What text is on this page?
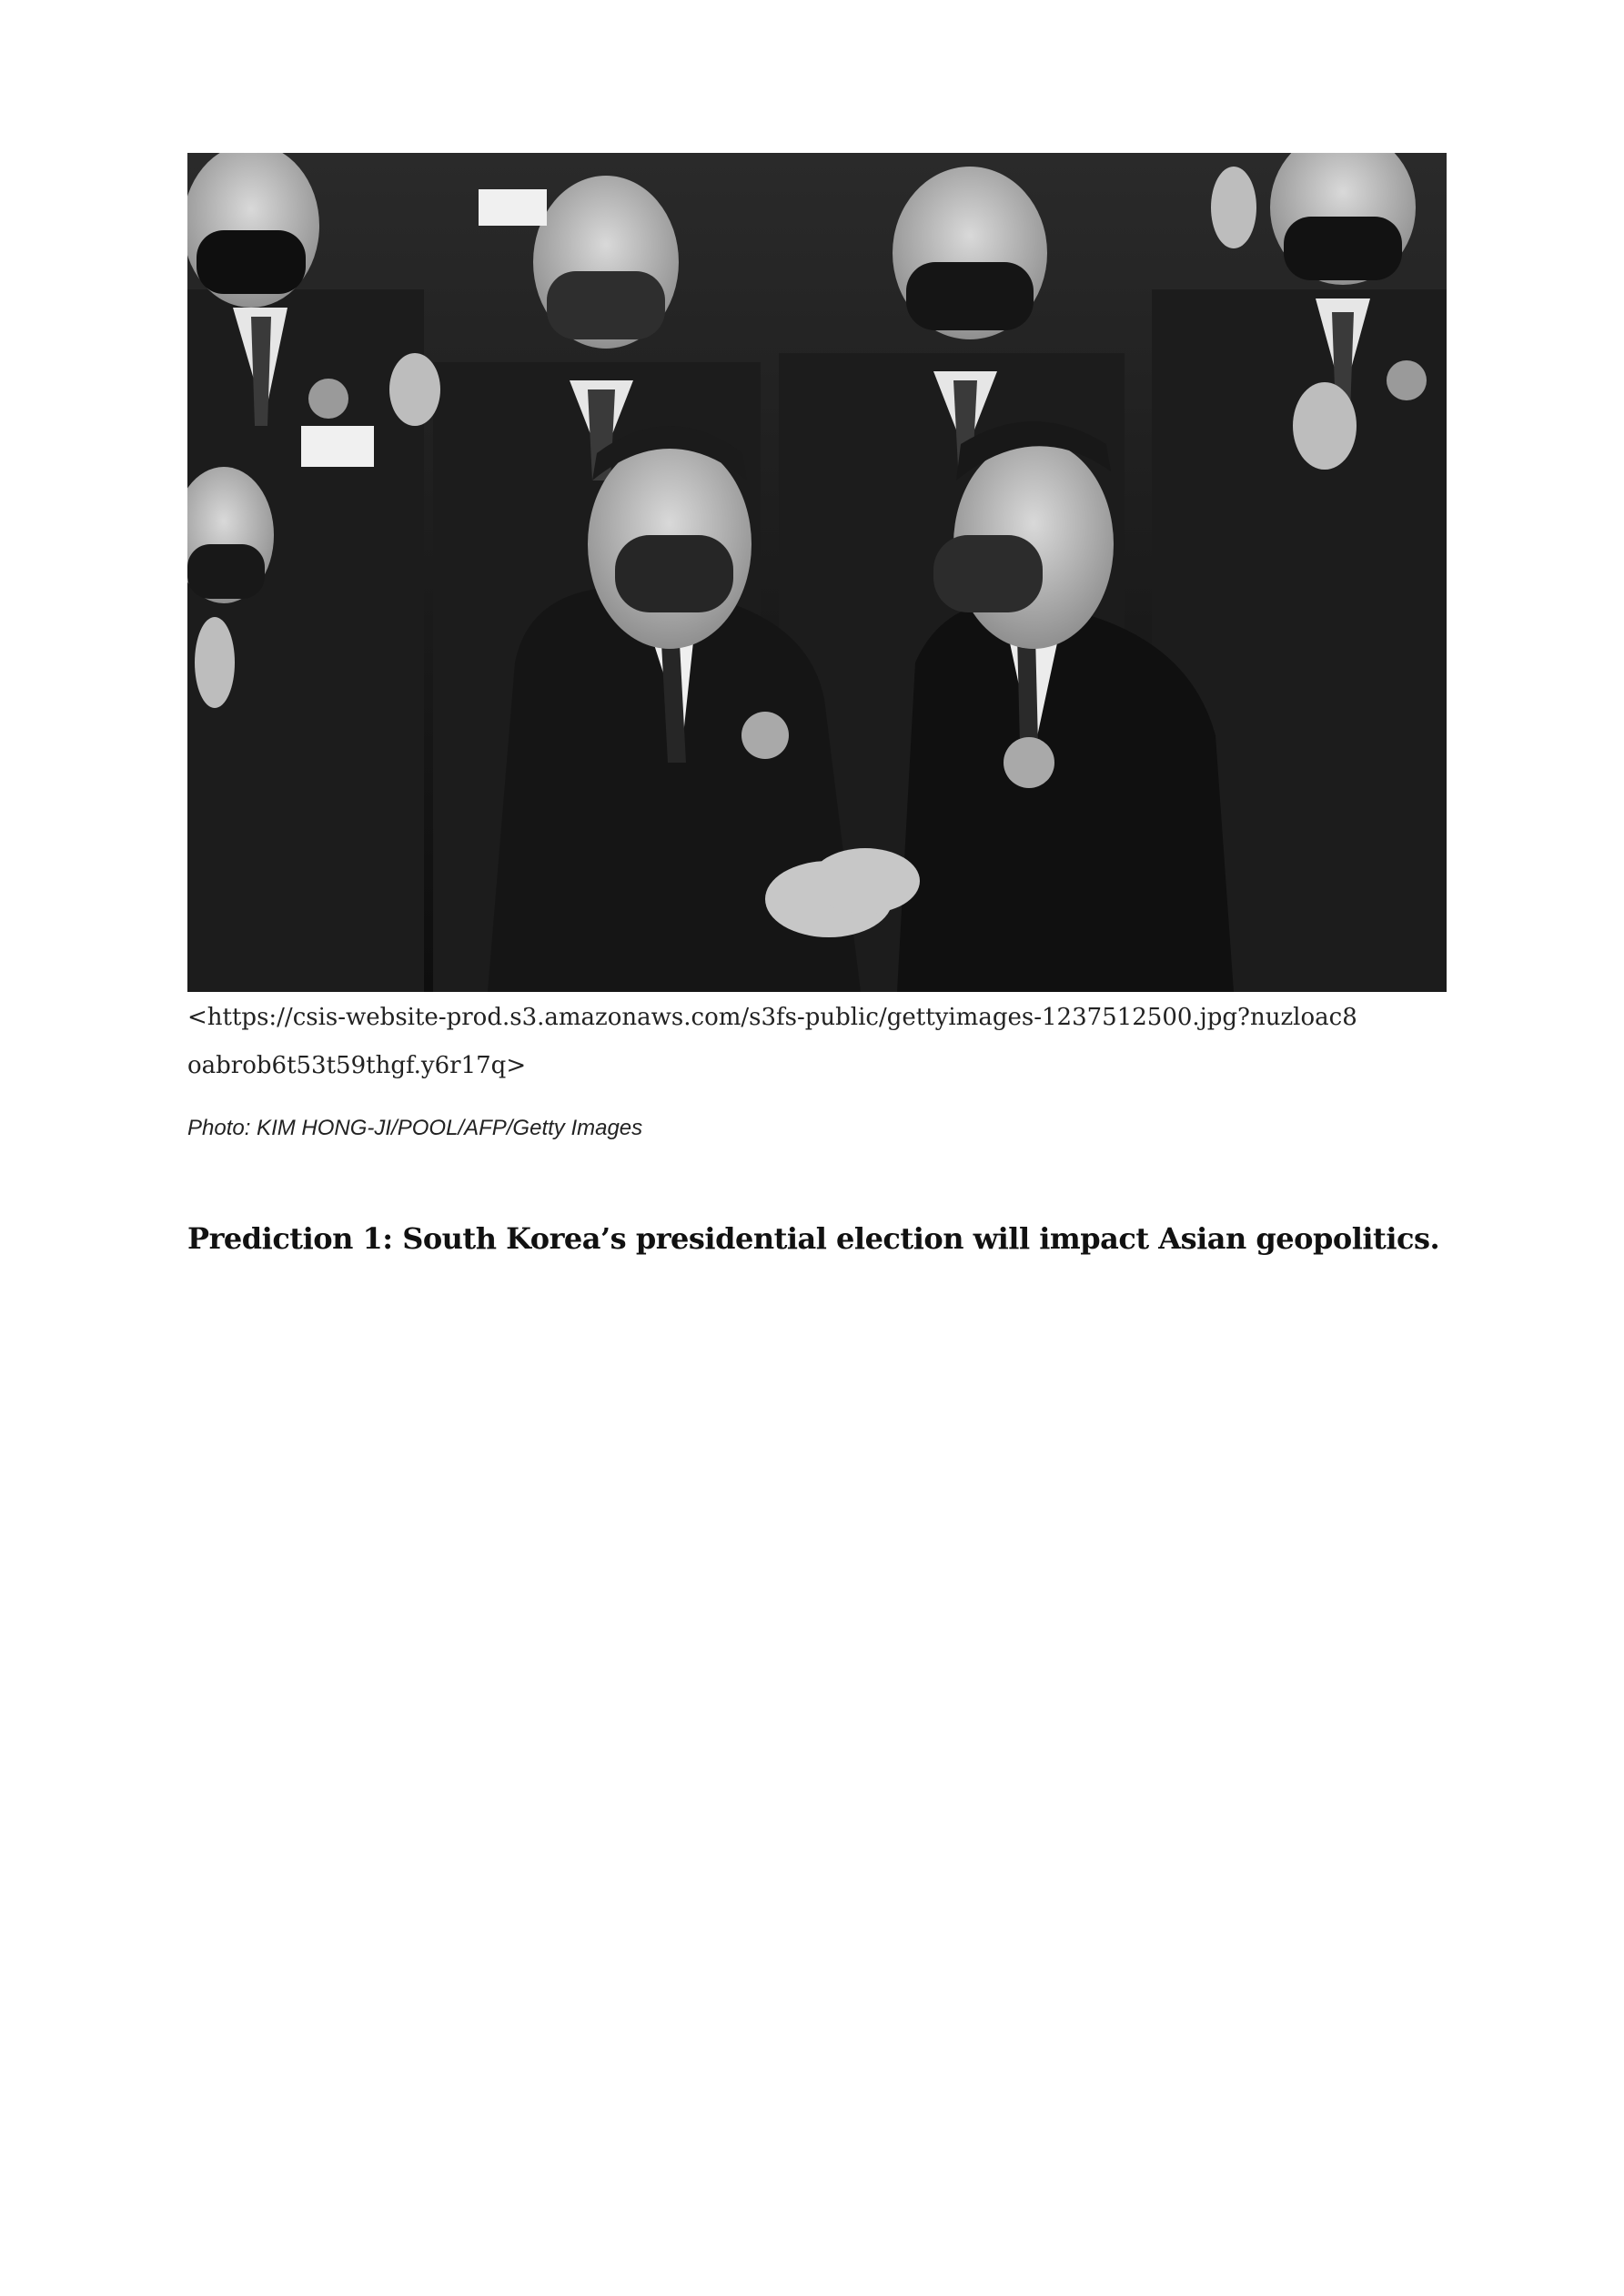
<https://csis-website-prod.s3.amazonaws.com/s3fs-public/gettyimages-1237512500.jpg?nuzloac8oabrob6t53t59thgf.y6r17q>
Photo: KIM HONG-JI/POOL/AFP/Getty Images
Prediction 1: South Korea’s presidential election will impact Asian geopolitics.
